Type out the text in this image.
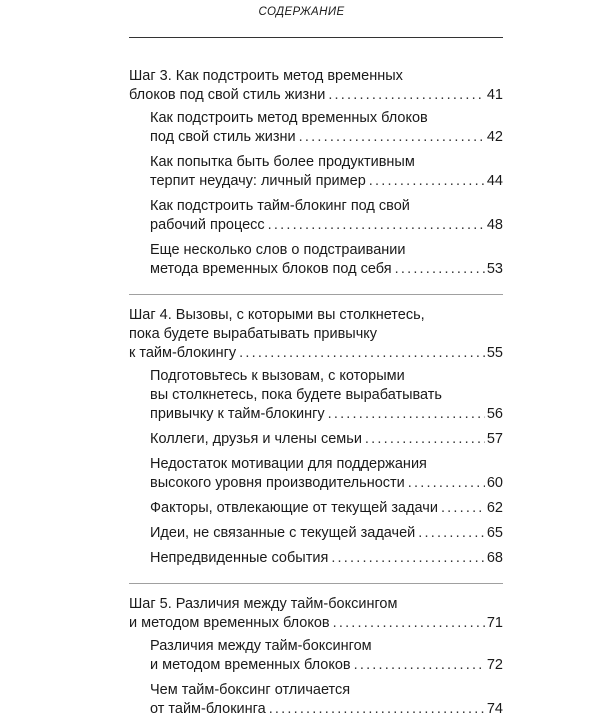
СОДЕРЖАНИЕ
Шаг 3. Как подстроить метод временных
блоков под свой стиль жизни .....	41
Как подстроить метод временных блоков
под свой стиль жизни .....	42
Как попытка быть более продуктивным
терпит неудачу: личный пример .....	44
Как подстроить тайм-блокинг под свой
рабочий процесс .....	48
Еще несколько слов о подстраивании
метода временных блоков под себя .....	53
Шаг 4. Вызовы, с которыми вы столкнетесь,
пока будете вырабатывать привычку
к тайм-блокингу .....	55
Подготовьтесь к вызовам, с которыми
вы столкнетесь, пока будете вырабатывать
привычку к тайм-блокингу .....	56
Коллеги, друзья и члены семьи .....	57
Недостаток мотивации для поддержания
высокого уровня производительности .....	60
Факторы, отвлекающие от текущей задачи .....	62
Идеи, не связанные с текущей задачей .....	65
Непредвиденные события .....	68
Шаг 5. Различия между тайм-боксингом
и методом временных блоков .....	71
Различия между тайм-боксингом
и методом временных блоков .....	72
Чем тайм-боксинг отличается
от тайм-блокинга .....	74
